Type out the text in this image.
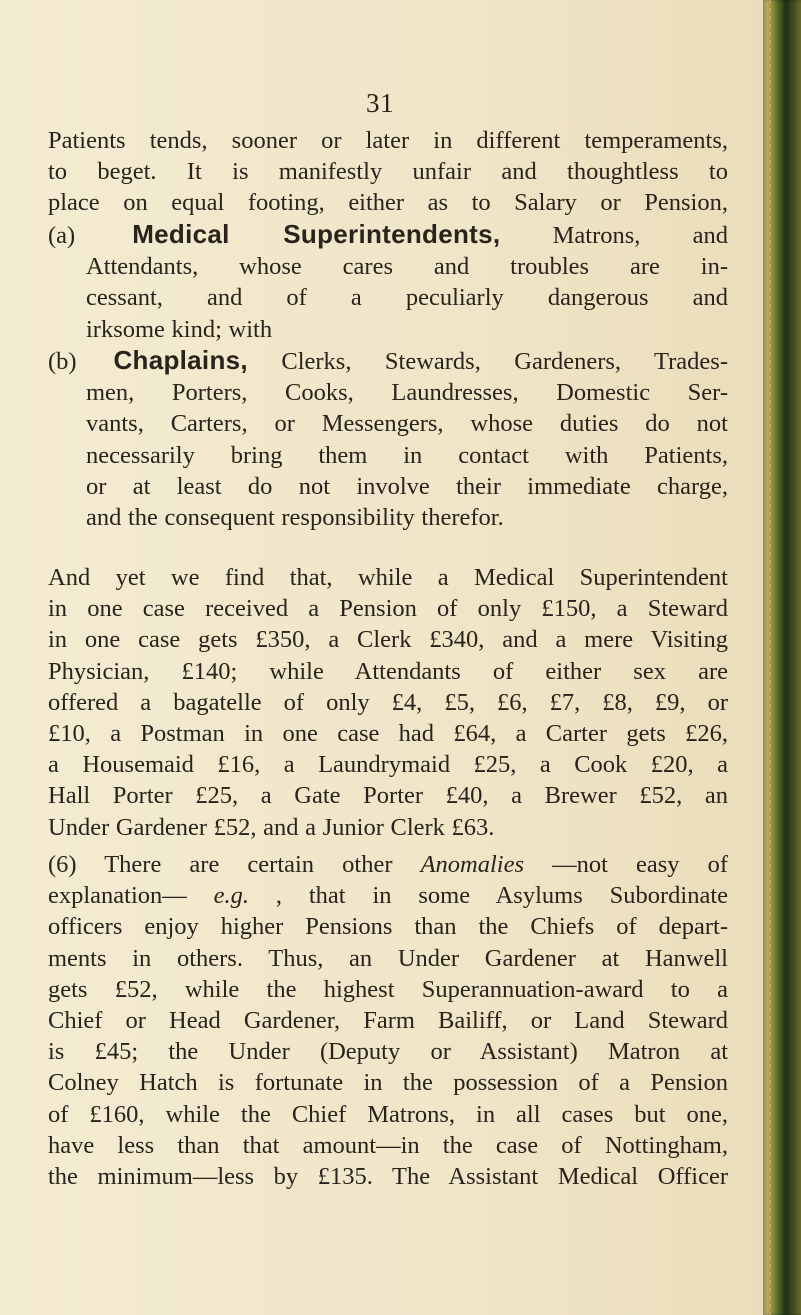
31
Patients tends, sooner or later in different temperaments,
to beget. It is manifestly unfair and thoughtless to
place on equal footing, either as to Salary or Pension,
(a) Medical Superintendents, Matrons, and
Attendants, whose cares and troubles are in-
cessant, and of a peculiarly dangerous and
irksome kind; with
(b) Chaplains, Clerks, Stewards, Gardeners, Trades-
men, Porters, Cooks, Laundresses, Domestic Ser-
vants, Carters, or Messengers, whose duties do not
necessarily bring them in contact with Patients,
or at least do not involve their immediate charge,
and the consequent responsibility therefor.
And yet we find that, while a Medical Superintendent
in one case received a Pension of only £150, a Steward
in one case gets £350, a Clerk £340, and a mere Visiting
Physician, £140; while Attendants of either sex are
offered a bagatelle of only £4, £5, £6, £7, £8, £9, or
£10, a Postman in one case had £64, a Carter gets £26,
a Housemaid £16, a Laundrymaid £25, a Cook £20, a
Hall Porter £25, a Gate Porter £40, a Brewer £52, an
Under Gardener £52, and a Junior Clerk £63.
(6) There are certain other Anomalies —not easy of
explanation— e.g. , that in some Asylums Subordinate
officers enjoy higher Pensions than the Chiefs of depart-
ments in others. Thus, an Under Gardener at Hanwell
gets £52, while the highest Superannuation-award to a
Chief or Head Gardener, Farm Bailiff, or Land Steward
is £45; the Under (Deputy or Assistant) Matron at
Colney Hatch is fortunate in the possession of a Pension
of £160, while the Chief Matrons, in all cases but one,
have less than that amount—in the case of Nottingham,
the minimum—less by £135. The Assistant Medical Officer
